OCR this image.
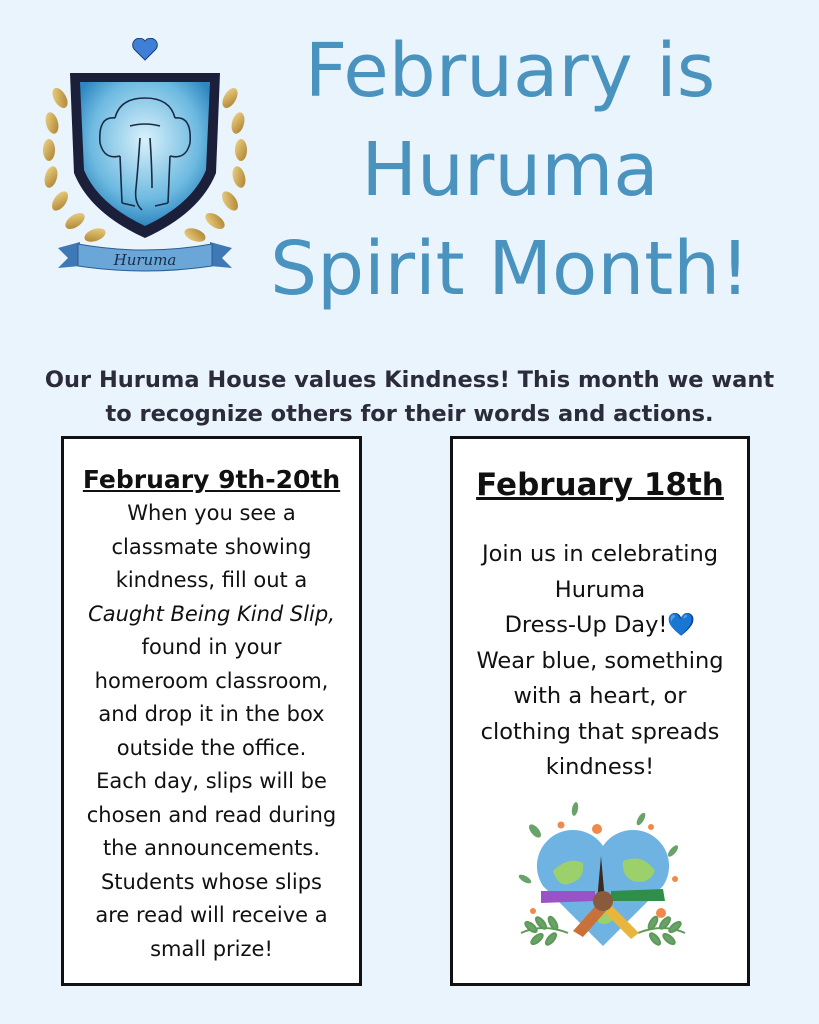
Huruma
February is
Huruma
Spirit Month!
Our Huruma House values Kindness! This month we want
to recognize others for their words and actions.
February 9th-20th
When you see a
classmate showing
kindness, fill out a
Caught Being Kind Slip,
found in your
homeroom classroom,
and drop it in the box
outside the office.
Each day, slips will be
chosen and read during
the announcements.
Students whose slips
are read will receive a
small prize!
February 18th
Join us in celebrating
Huruma
Dress-Up Day!💙
Wear blue, something
with a heart, or
clothing that spreads
kindness!
